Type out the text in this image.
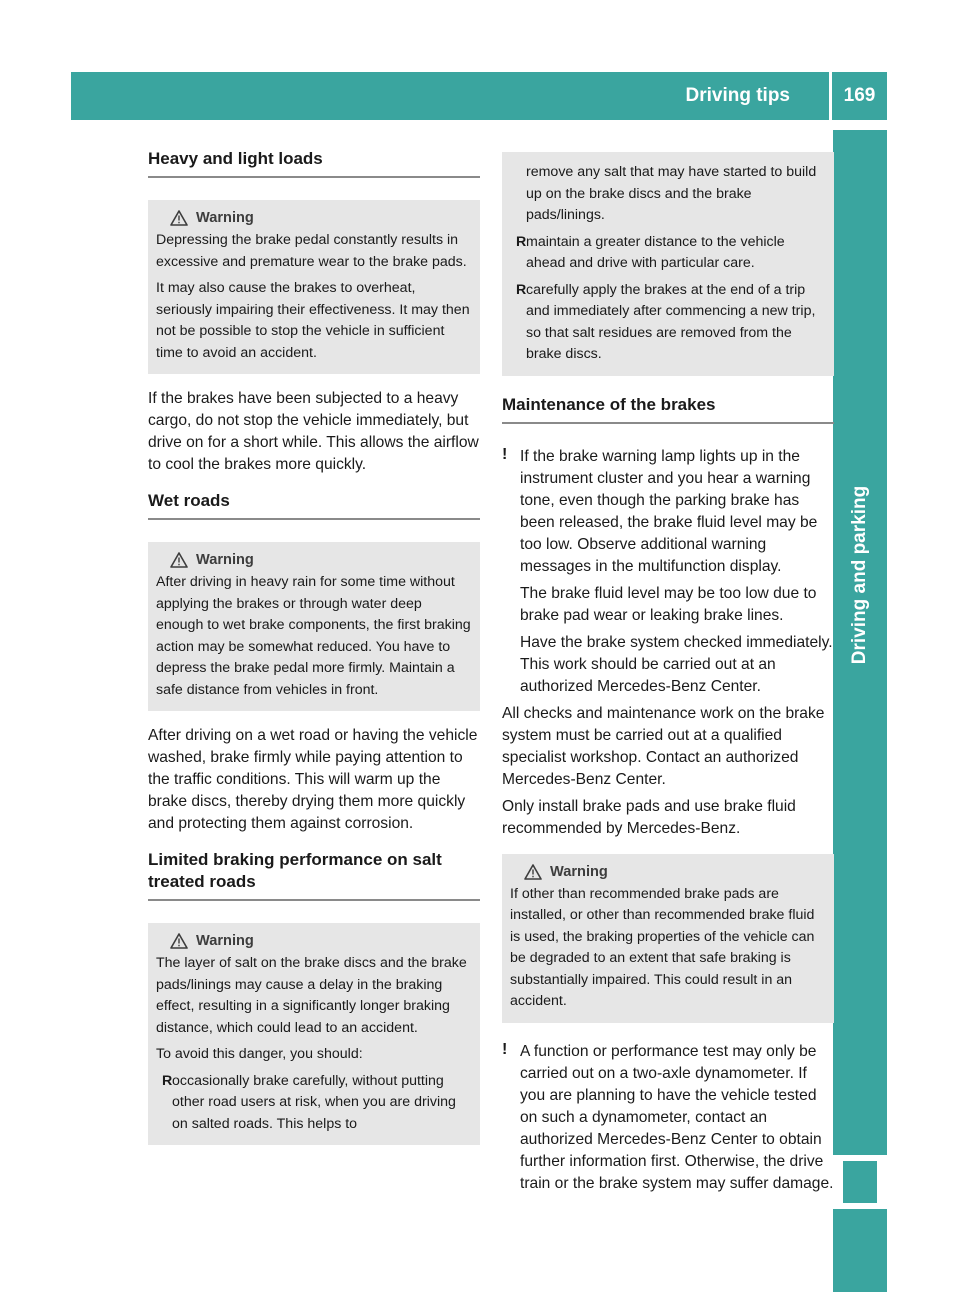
Driving tips	169
Driving and parking
Heavy and light loads
Warning

Depressing the brake pedal constantly results in excessive and premature wear to the brake pads.

It may also cause the brakes to overheat, seriously impairing their effectiveness. It may then not be possible to stop the vehicle in sufficient time to avoid an accident.

If the brakes have been subjected to a heavy cargo, do not stop the vehicle immediately, but drive on for a short while. This allows the airflow to cool the brakes more quickly.

Wet roads
Warning

After driving in heavy rain for some time without applying the brakes or through water deep enough to wet brake components, the first braking action may be somewhat reduced. You have to depress the brake pedal more firmly. Maintain a safe distance from vehicles in front.

After driving on a wet road or having the vehicle washed, brake firmly while paying attention to the traffic conditions. This will warm up the brake discs, thereby drying them more quickly and protecting them against corrosion.

Limited braking performance on salt treated roads
Warning

The layer of salt on the brake discs and the brake pads/linings may cause a delay in the braking effect, resulting in a significantly longer braking distance, which could lead to an accident.

To avoid this danger, you should:

Roccasionally brake carefully, without putting other road users at risk, when you are driving on salted roads. This helps to

remove any salt that may have started to build up on the brake discs and the brake pads/linings.

Rmaintain a greater distance to the vehicle ahead and drive with particular care.

Rcarefully apply the brakes at the end of a trip and immediately after commencing a new trip, so that salt residues are removed from the brake discs.

Maintenance of the brakes
! If the brake warning lamp lights up in the instrument cluster and you hear a warning tone, even though the parking brake has been released, the brake fluid level may be too low. Observe additional warning messages in the multifunction display.

The brake fluid level may be too low due to brake pad wear or leaking brake lines.

Have the brake system checked immediately. This work should be carried out at an authorized Mercedes-Benz Center.

All checks and maintenance work on the brake system must be carried out at a qualified specialist workshop. Contact an authorized Mercedes-Benz Center.

Only install brake pads and use brake fluid recommended by Mercedes-Benz.

Warning

If other than recommended brake pads are installed, or other than recommended brake fluid is used, the braking properties of the vehicle can be degraded to an extent that safe braking is substantially impaired. This could result in an accident.

! A function or performance test may only be carried out on a two-axle dynamometer. If you are planning to have the vehicle tested on such a dynamometer, contact an authorized Mercedes-Benz Center to obtain further information first. Otherwise, the drive train or the brake system may suffer damage.
